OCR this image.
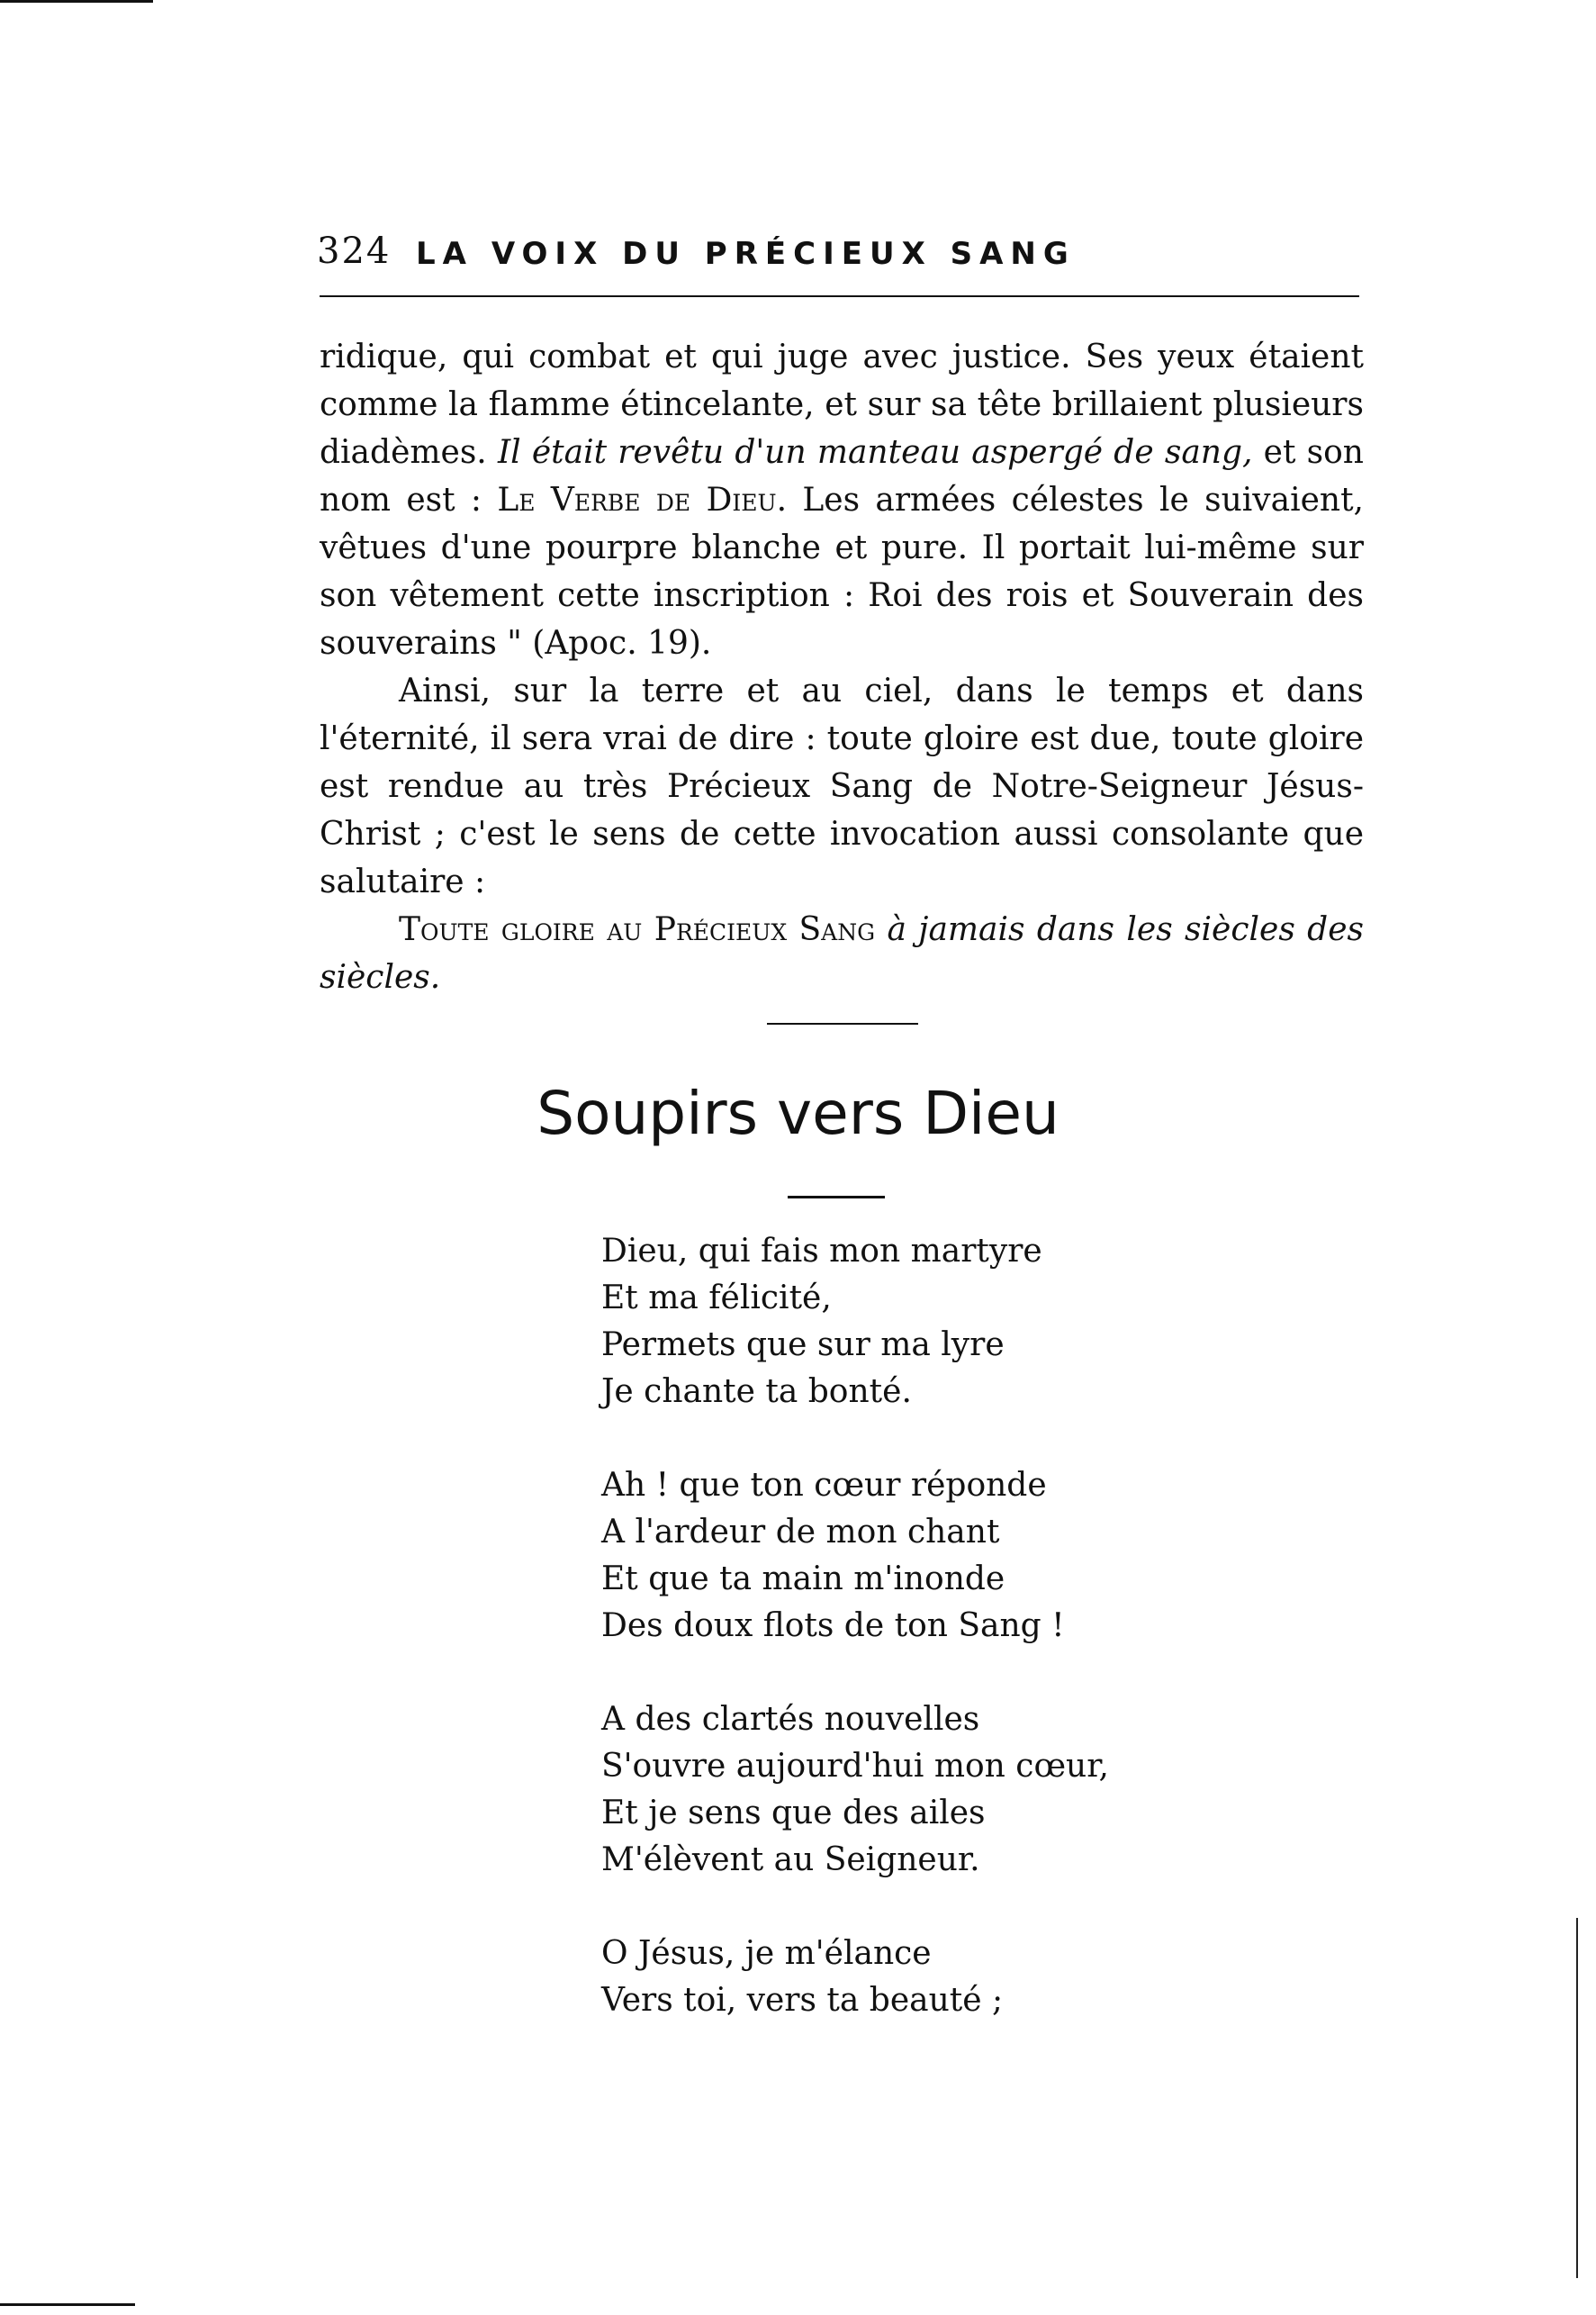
324 LA VOIX DU PRÉCIEUX SANG

ridique, qui combat et qui juge avec justice. Ses yeux étaient comme la flamme étincelante, et sur sa tête brillaient plusieurs diadèmes. Il était revêtu d'un manteau aspergé de sang, et son nom est : Le Verbe de Dieu. Les armées célestes le suivaient, vêtues d'une pourpre blanche et pure. Il portait lui-même sur son vêtement cette inscription : Roi des rois et Souverain des souverains " (Apoc. 19).

Ainsi, sur la terre et au ciel, dans le temps et dans l'éternité, il sera vrai de dire : toute gloire est due, toute gloire est rendue au très Précieux Sang de Notre-Seigneur Jésus-Christ ; c'est le sens de cette invocation aussi consolante que salutaire :

Toute gloire au Précieux Sang à jamais dans les siècles des siècles.

Soupirs vers Dieu
Dieu, qui fais mon martyre
Et ma félicité,
Permets que sur ma lyre
Je chante ta bonté.
Ah ! que ton cœur réponde
A l'ardeur de mon chant
Et que ta main m'inonde
Des doux flots de ton Sang !
A des clartés nouvelles
S'ouvre aujourd'hui mon cœur,
Et je sens que des ailes
M'élèvent au Seigneur.
O Jésus, je m'élance
Vers toi, vers ta beauté ;
